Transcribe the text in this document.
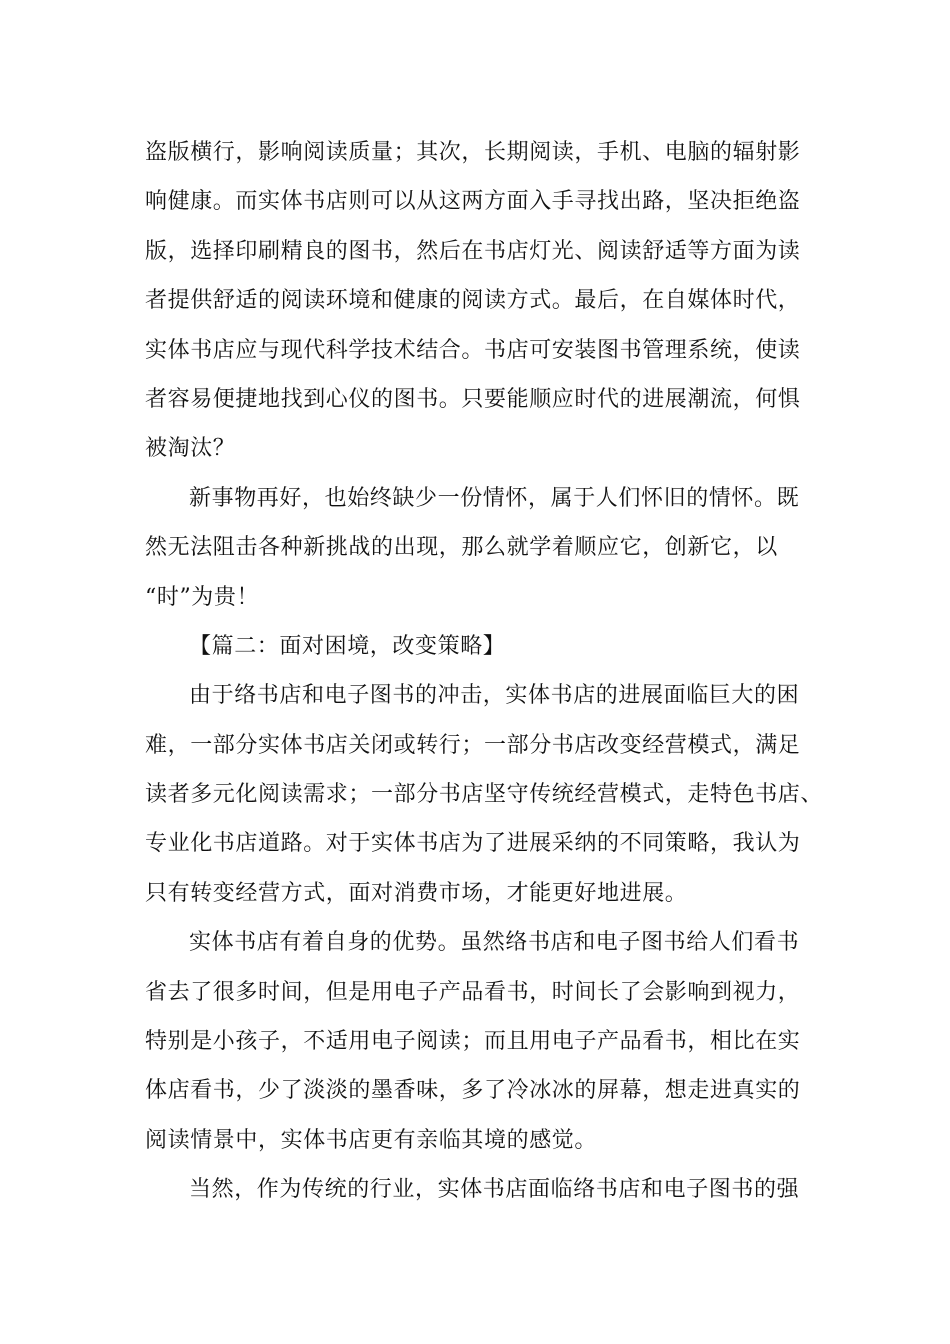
盗版横行，影响阅读质量；其次，长期阅读，手机、电脑的辐射影
响健康。而实体书店则可以从这两方面入手寻找出路，坚决拒绝盗
版，选择印刷精良的图书，然后在书店灯光、阅读舒适等方面为读
者提供舒适的阅读环境和健康的阅读方式。最后，在自媒体时代，
实体书店应与现代科学技术结合。书店可安装图书管理系统，使读
者容易便捷地找到心仪的图书。只要能顺应时代的进展潮流，何惧
被淘汰？
新事物再好，也始终缺少一份情怀，属于人们怀旧的情怀。既
然无法阻击各种新挑战的出现，那么就学着顺应它，创新它，以
“时”为贵！
【篇二：面对困境，改变策略】
由于络书店和电子图书的冲击，实体书店的进展面临巨大的困
难，一部分实体书店关闭或转行；一部分书店改变经营模式，满足
读者多元化阅读需求；一部分书店坚守传统经营模式，走特色书店、
专业化书店道路。对于实体书店为了进展采纳的不同策略，我认为
只有转变经营方式，面对消费市场，才能更好地进展。
实体书店有着自身的优势。虽然络书店和电子图书给人们看书
省去了很多时间，但是用电子产品看书，时间长了会影响到视力，
特别是小孩子，不适用电子阅读；而且用电子产品看书，相比在实
体店看书，少了淡淡的墨香味，多了冷冰冰的屏幕，想走进真实的
阅读情景中，实体书店更有亲临其境的感觉。
当然，作为传统的行业，实体书店面临络书店和电子图书的强
